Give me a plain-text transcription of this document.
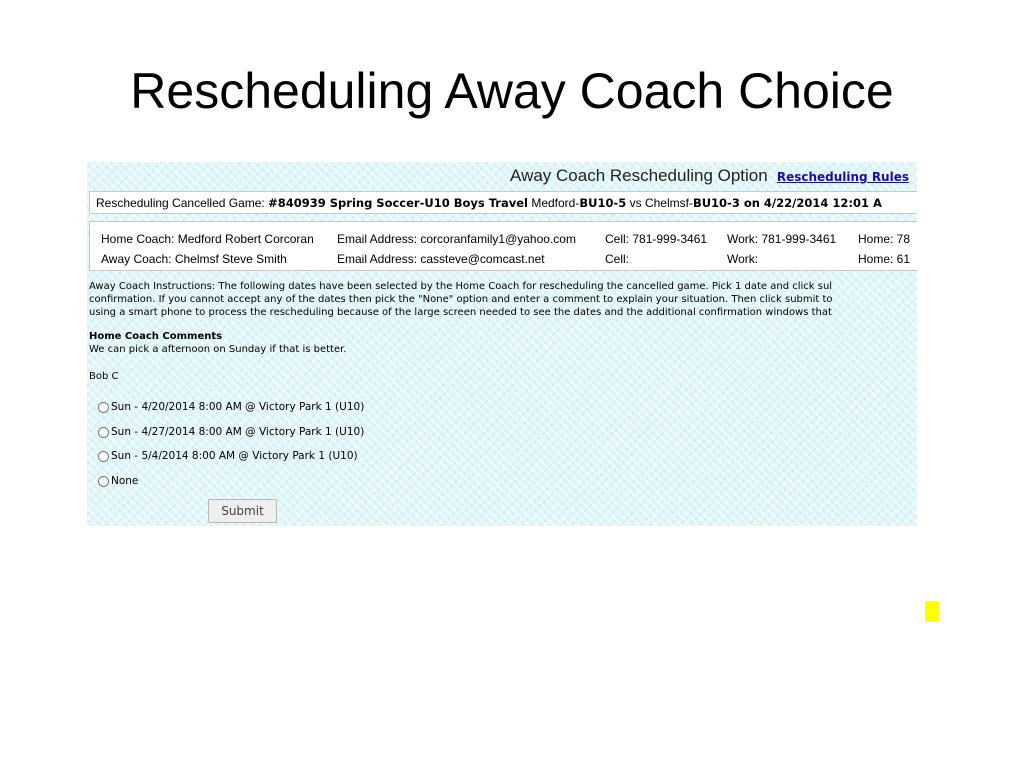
Rescheduling Away Coach Choice
Away Coach Rescheduling Option Rescheduling Rules
Rescheduling Cancelled Game: #840939 Spring Soccer-U10 Boys Travel Medford-BU10-5 vs Chelmsf-BU10-3 on 4/22/2014 12:01 A
Home Coach: Medford Robert Corcoran Email Address: corcoranfamily1@yahoo.com Cell: 781-999-3461 Work: 781-999-3461 Home: 78
Away Coach: Chelmsf Steve Smith	Email Address: cassteve@comcast.net	Cell:	Work:	Home: 61
Away Coach Instructions: The following dates have been selected by the Home Coach for rescheduling the cancelled game. Pick 1 date and click sul
confirmation. If you cannot accept any of the dates then pick the "None" option and enter a comment to explain your situation. Then click submit to
using a smart phone to process the rescheduling because of the large screen needed to see the dates and the additional confirmation windows that
Home Coach Comments
We can pick a afternoon on Sunday if that is better.
Bob C
Sun - 4/20/2014 8:00 AM @ Victory Park 1 (U10)
Sun - 4/27/2014 8:00 AM @ Victory Park 1 (U10)
Sun - 5/4/2014 8:00 AM @ Victory Park 1 (U10)
None
Submit
